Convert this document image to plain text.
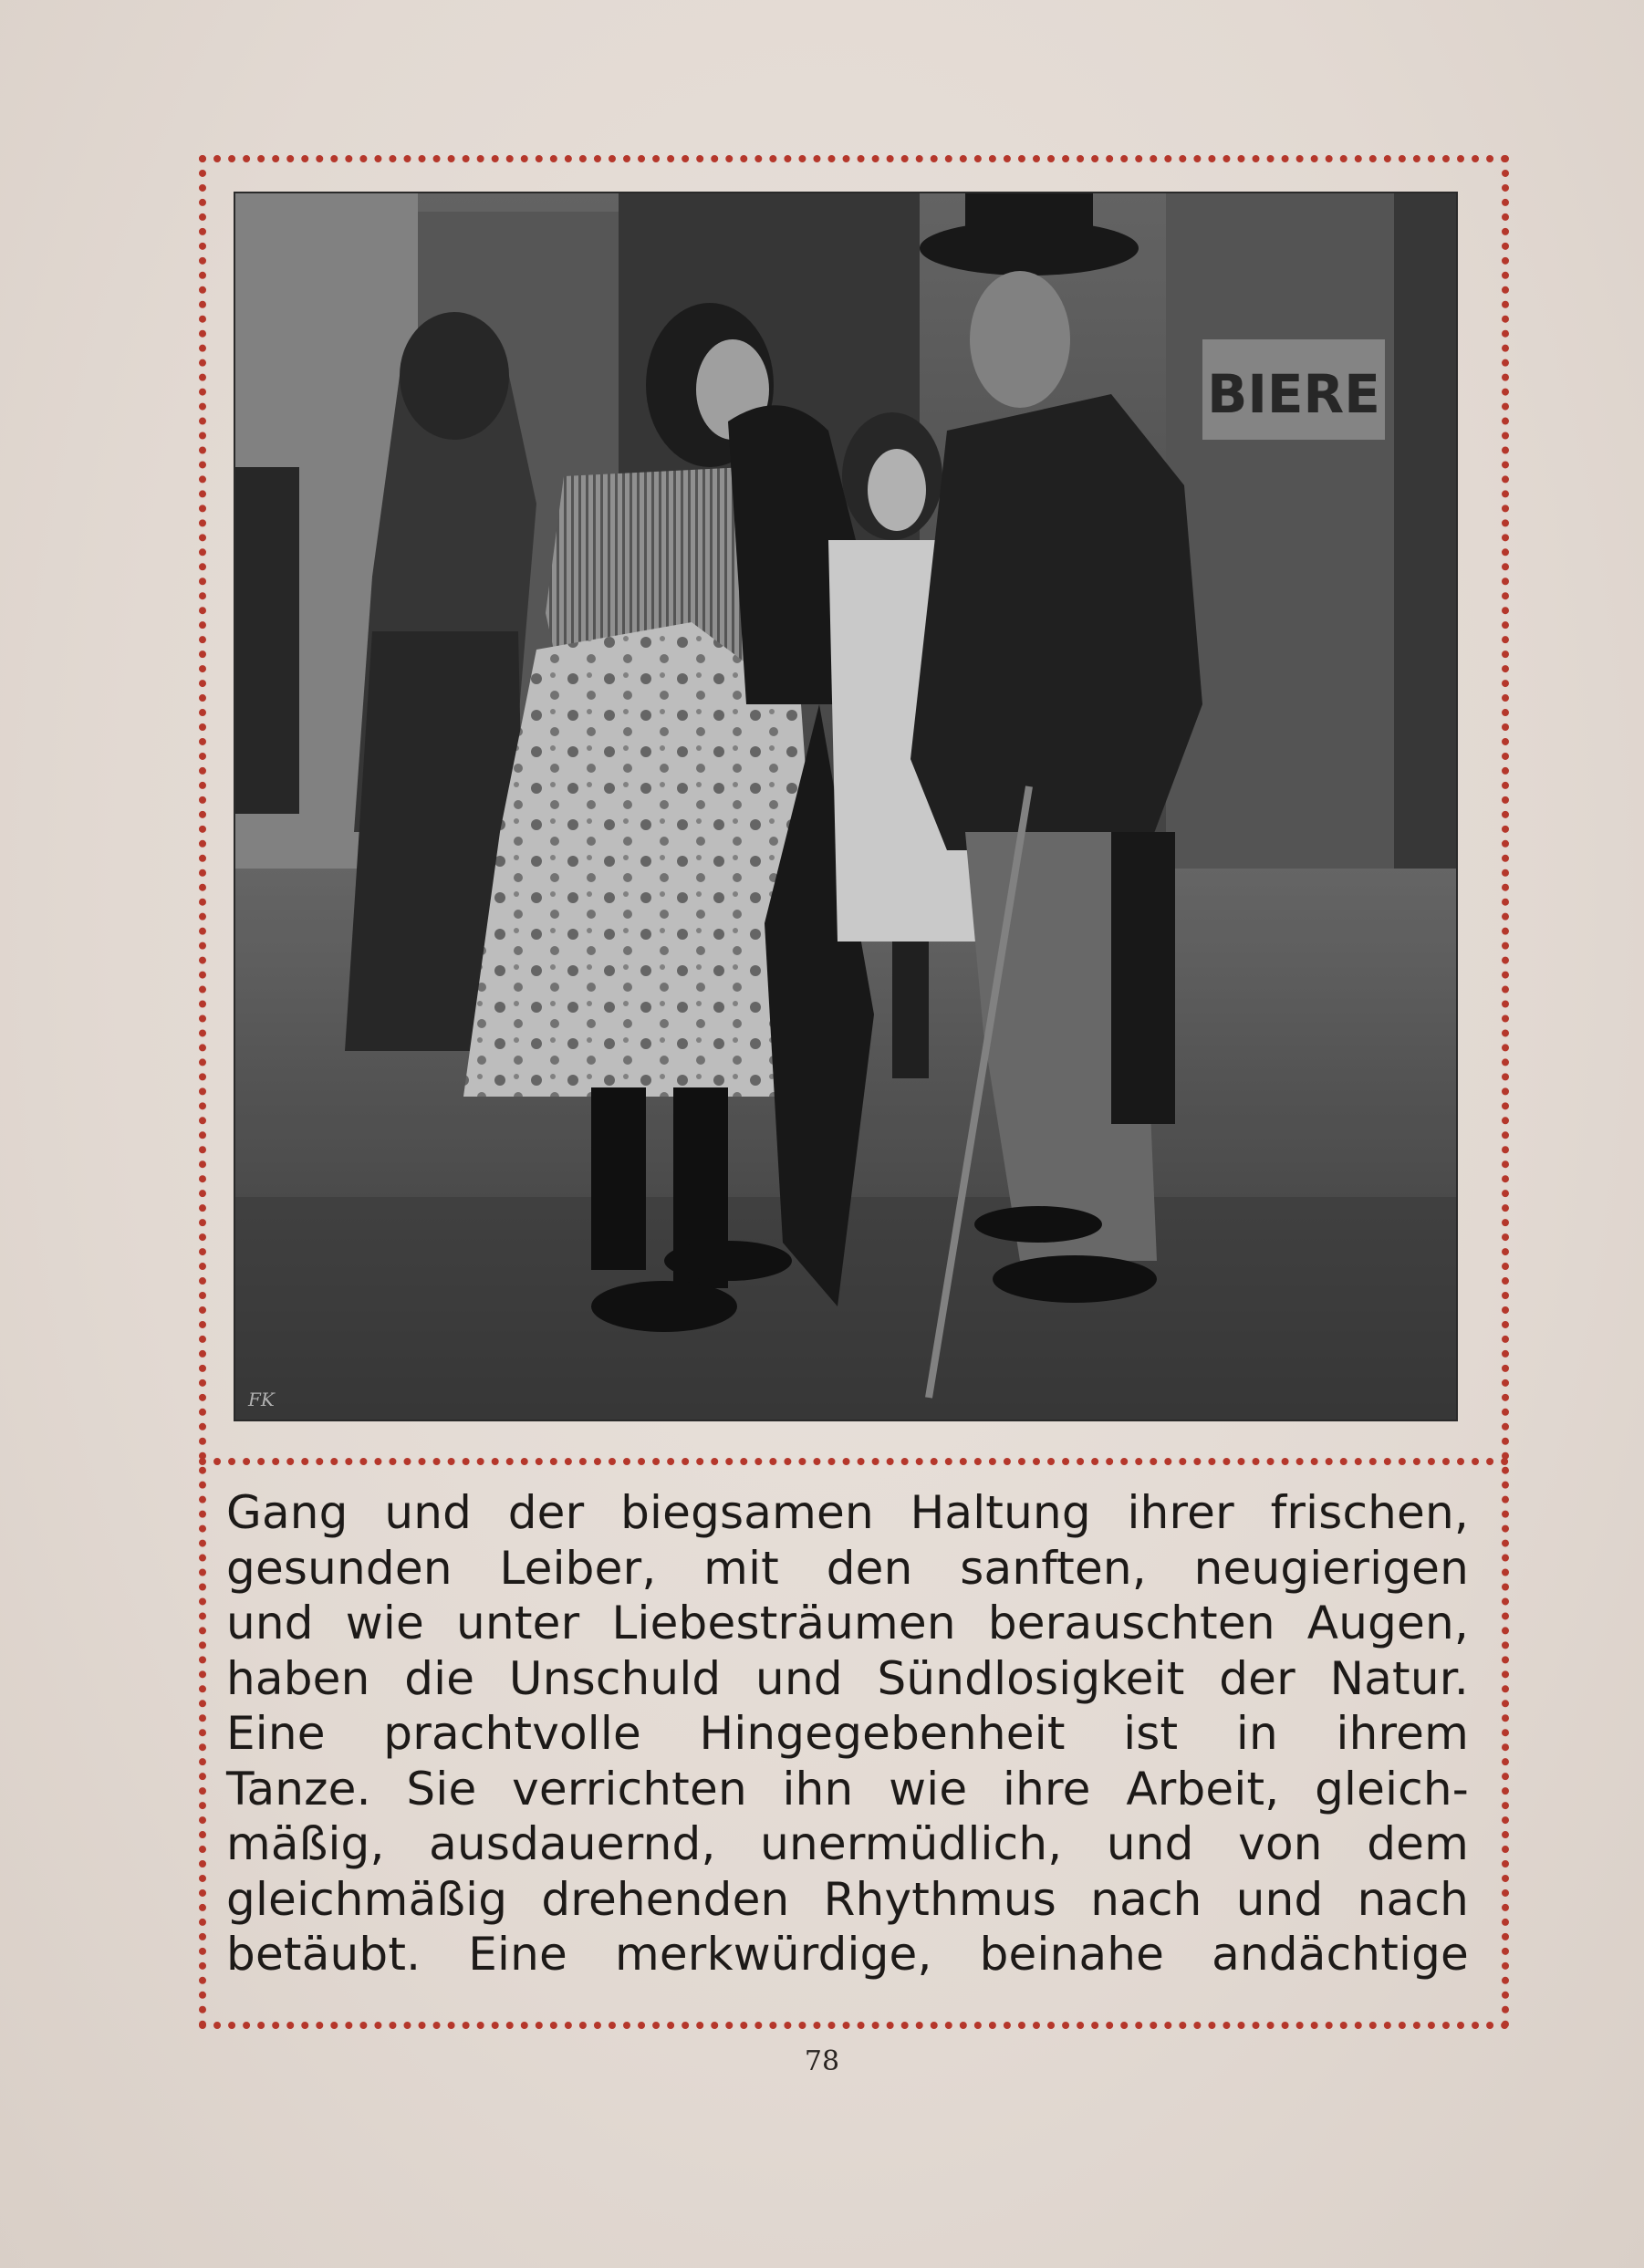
BIERE
FK
Gang und der biegsamen Haltung ihrer frischen,
gesunden Leiber, mit den sanften, neugierigen
und wie unter Liebesträumen berauschten Augen,
haben die Unschuld und Sündlosigkeit der Natur.
Eine prachtvolle Hingegebenheit ist in ihrem
Tanze. Sie verrichten ihn wie ihre Arbeit, gleich-
mäßig, ausdauernd, unermüdlich, und von dem
gleichmäßig drehenden Rhythmus nach und nach
betäubt. Eine merkwürdige, beinahe andächtige
78
